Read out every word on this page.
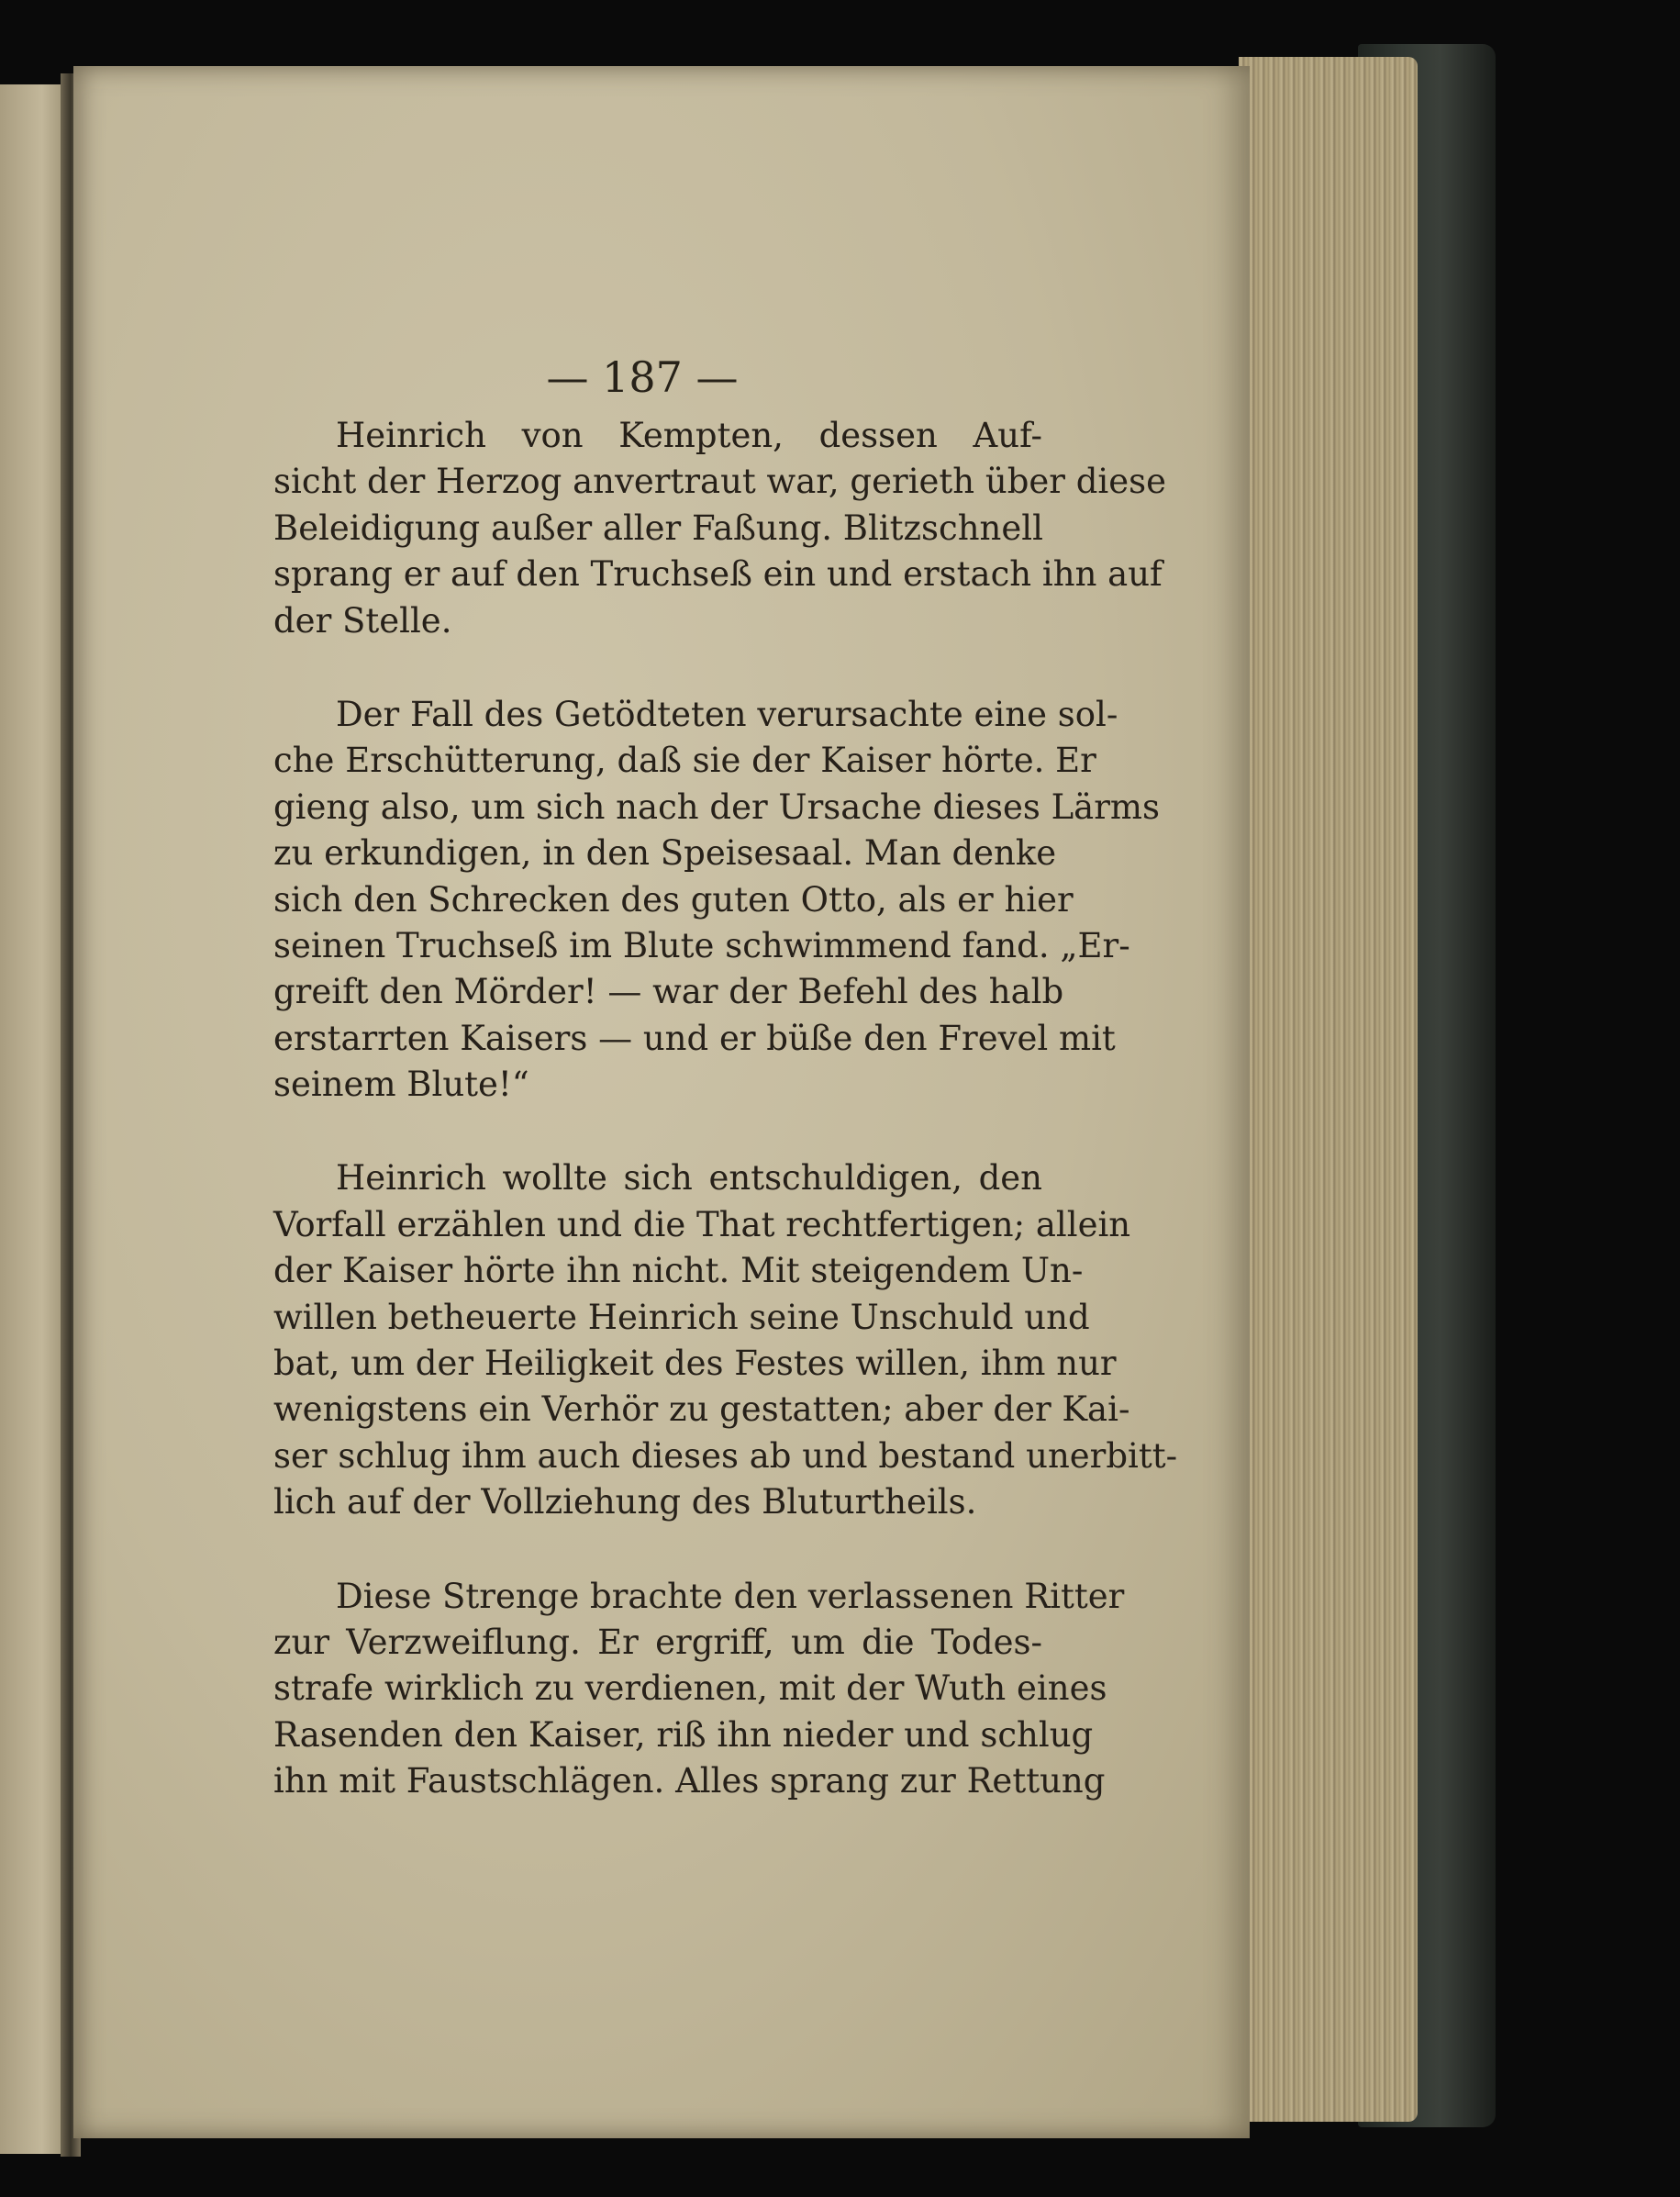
— 187 —
Heinrich von Kempten, dessen Auf-
sicht der Herzog anvertraut war, gerieth über diese
Beleidigung außer aller Faßung. Blitzschnell
sprang er auf den Truchseß ein und erstach ihn auf
der Stelle.
Der Fall des Getödteten verursachte eine sol-
che Erschütterung, daß sie der Kaiser hörte. Er
gieng also, um sich nach der Ursache dieses Lärms
zu erkundigen, in den Speisesaal. Man denke
sich den Schrecken des guten Otto, als er hier
seinen Truchseß im Blute schwimmend fand. „Er-
greift den Mörder! — war der Befehl des halb
erstarrten Kaisers — und er büße den Frevel mit
seinem Blute!“
Heinrich wollte sich entschuldigen, den
Vorfall erzählen und die That rechtfertigen; allein
der Kaiser hörte ihn nicht. Mit steigendem Un-
willen betheuerte Heinrich seine Unschuld und
bat, um der Heiligkeit des Festes willen, ihm nur
wenigstens ein Verhör zu gestatten; aber der Kai-
ser schlug ihm auch dieses ab und bestand unerbitt-
lich auf der Vollziehung des Bluturtheils.
Diese Strenge brachte den verlassenen Ritter
zur Verzweiflung. Er ergriff, um die Todes-
strafe wirklich zu verdienen, mit der Wuth eines
Rasenden den Kaiser, riß ihn nieder und schlug
ihn mit Faustschlägen. Alles sprang zur Rettung
